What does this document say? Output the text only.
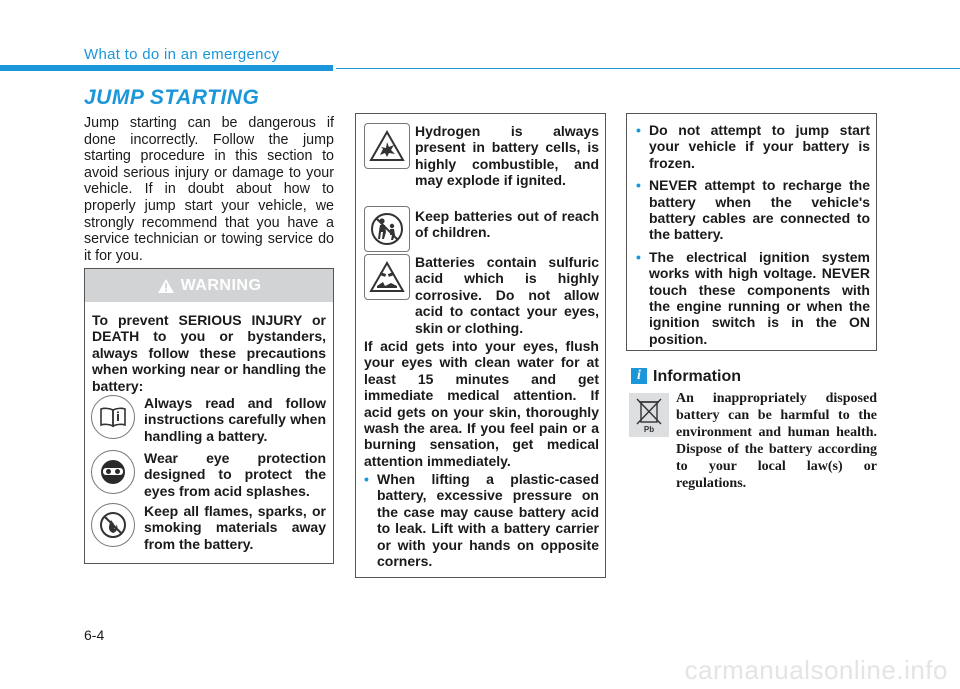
What to do in an emergency
JUMP STARTING

Jump starting can be dangerous if done incorrectly. Follow the jump starting procedure in this section to avoid serious injury or damage to your vehicle. If in doubt about how to properly jump start your vehicle, we strongly recommend that you have a service technician or towing service do it for you.

WARNING

To prevent SERIOUS INJURY or DEATH to you or bystanders, always follow these precautions when working near or handling the battery:

Always read and follow instructions carefully when handling a battery.

Wear eye protection designed to protect the eyes from acid splashes.

Keep all flames, sparks, or smoking materials away from the battery.

Hydrogen is always present in battery cells, is highly combustible, and may explode if ignited.

Keep batteries out of reach of children.

Batteries contain sulfuric acid which is highly corrosive. Do not allow acid to contact your eyes, skin or clothing.

If acid gets into your eyes, flush your eyes with clean water for at least 15 minutes and get immediate medical attention. If acid gets on your skin, thoroughly wash the area. If you feel pain or a burning sensation, get medical attention immediately.

• When lifting a plastic-cased battery, excessive pressure on the case may cause battery acid to leak. Lift with a battery carrier or with your hands on opposite corners.
• Do not attempt to jump start your vehicle if your battery is frozen.
• NEVER attempt to recharge the battery when the vehicle's battery cables are connected to the battery.
• The electrical ignition system works with high voltage. NEVER touch these components with the engine running or when the ignition switch is in the ON position.
i Information
Pb

An inappropriately disposed battery can be harmful to the environment and human health. Dispose of the battery according to your local law(s) or regulations.

6-4
carmanualsonline.info
